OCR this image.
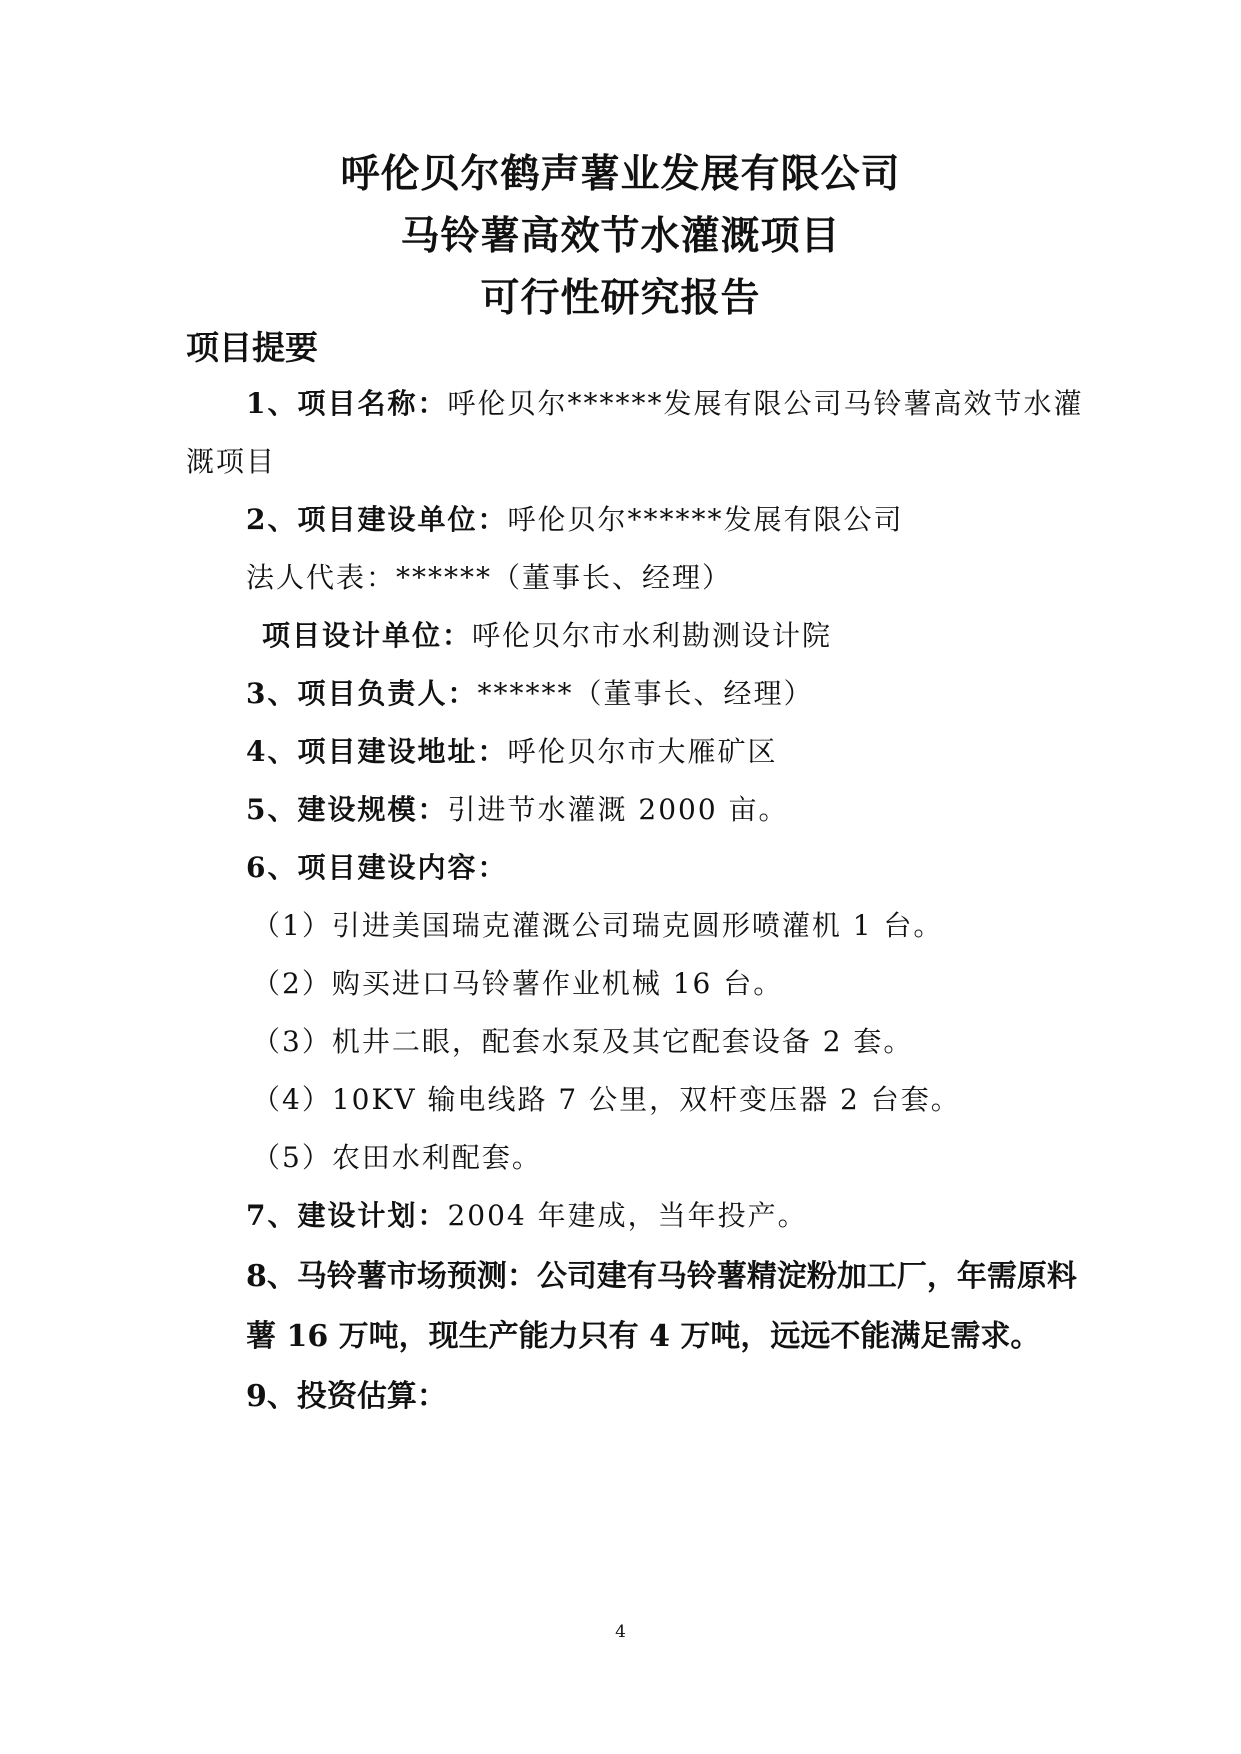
呼伦贝尔鹤声薯业发展有限公司
马铃薯高效节水灌溉项目
可行性研究报告
项目提要
1、项目名称：呼伦贝尔******发展有限公司马铃薯高效节水灌
溉项目
2、项目建设单位：呼伦贝尔******发展有限公司
法人代表：******（董事长、经理）
项目设计单位：呼伦贝尔市水利勘测设计院
3、项目负责人：******（董事长、经理）
4、项目建设地址：呼伦贝尔市大雁矿区
5、建设规模：引进节水灌溉 2000 亩。
6、项目建设内容：
（1）引进美国瑞克灌溉公司瑞克圆形喷灌机 1 台。
（2）购买进口马铃薯作业机械 16 台。
（3）机井二眼，配套水泵及其它配套设备 2 套。
（4）10KV 输电线路 7 公里，双杆变压器 2 台套。
（5）农田水利配套。
7、建设计划：2004 年建成，当年投产。
8、马铃薯市场预测：公司建有马铃薯精淀粉加工厂，年需原料
薯 16 万吨，现生产能力只有 4 万吨，远远不能满足需求。
9、投资估算：
4
